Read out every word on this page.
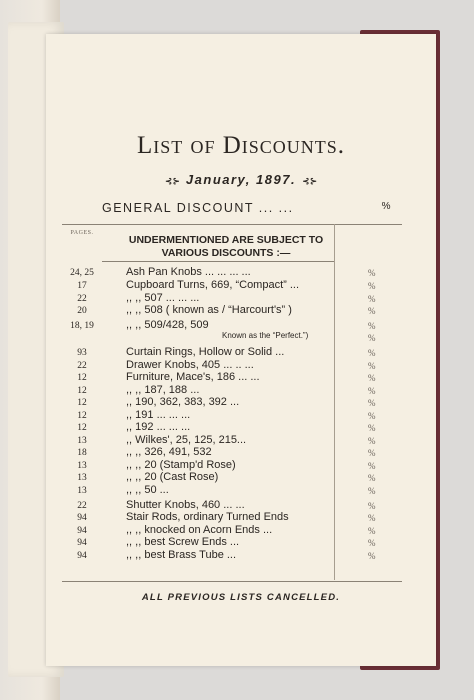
List of Discounts.
⊰⊱ January, 1897. ⊰⊱
GENERAL DISCOUNT ... ...	%
PAGES.
UNDERMENTIONED ARE SUBJECT TO
VARIOUS DISCOUNTS :—
24, 25	Ash Pan Knobs ... ... ... ...	%
17	Cupboard Turns, 669, “Compact” ...	%
22	,, ,, 507 ... ... ...	%
20	,, ,, 508 ( known as / “Harcourt's” )	%
18, 19	,, ,, 509/428, 509	%
Known as the “Perfect.”)	%
93	Curtain Rings, Hollow or Solid ...	%
22	Drawer Knobs, 405 ... .. ...	%
12	Furniture, Mace's, 186 ... ...	%
12	,, ,, 187, 188 ...	%
12	,, 190, 362, 383, 392 ...	%
12	,, 191 ... ... ...	%
12	,, 192 ... ... ...	%
13	,, Wilkes', 25, 125, 215...	%
18	,, ,, 326, 491, 532	%
13	,, ,, 20 (Stamp'd Rose)	%
13	,, ,, 20 (Cast Rose)	%
13	,, ,, 50 ...	%
22	Shutter Knobs, 460 ... ...	%
94	Stair Rods, ordinary Turned Ends	%
94	,, ,, knocked on Acorn Ends ...	%
94	,, ,, best Screw Ends ...	%
94	,, ,, best Brass Tube ...	%
ALL PREVIOUS LISTS CANCELLED.
